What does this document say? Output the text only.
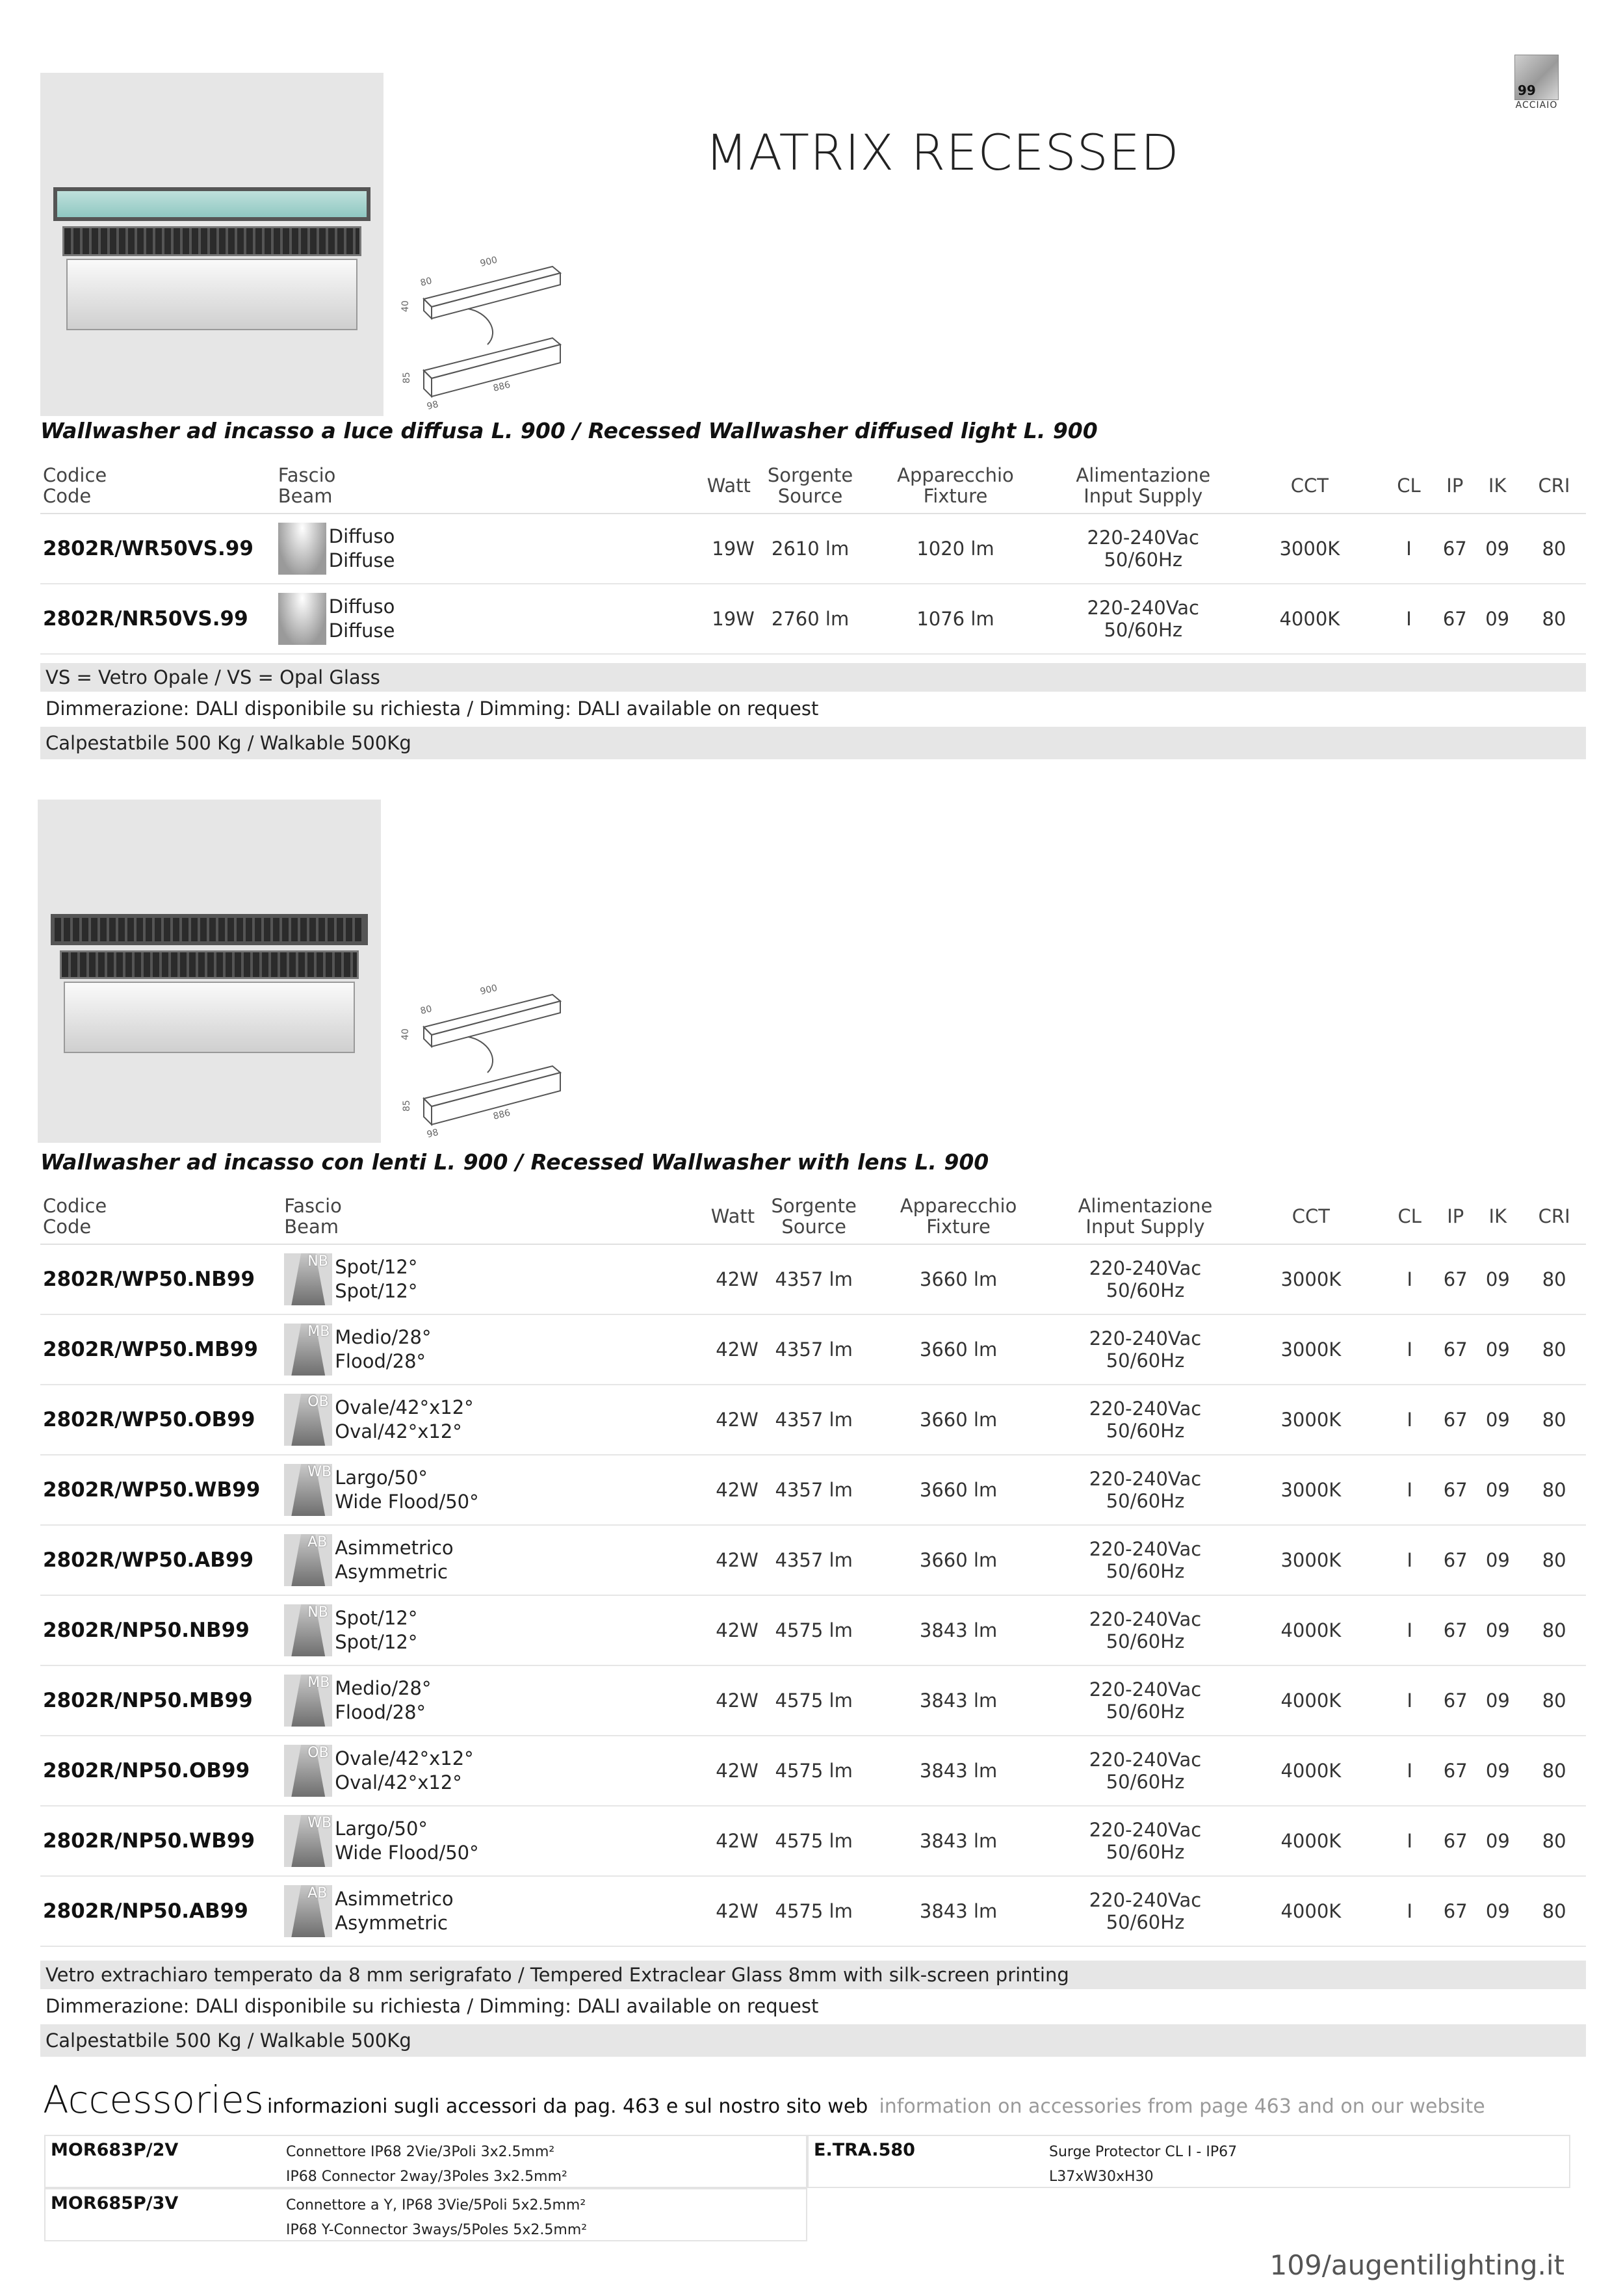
99
ACCIAIO
MATRIX RECESSED
900
80
40
98
886
85
Wallwasher ad incasso a luce diffusa L. 900 / Recessed Wallwasher diffused light L. 900
Codice
Code	Fascio
Beam	Watt	Sorgente
Source	Apparecchio
Fixture	Alimentazione
Input Supply	CCT	CL	IP	IK	CRI
2802R/WR50VS.99	Diffuso
Diffuse	19W	2610 lm	1020 lm	220-240Vac 50/60Hz	3000K	I	67	09	80
2802R/NR50VS.99	Diffuso
Diffuse	19W	2760 lm	1076 lm	220-240Vac 50/60Hz	4000K	I	67	09	80
VS = Vetro Opale / VS = Opal Glass
Dimmerazione: DALI disponibile su richiesta / Dimming: DALI available on request
Calpestatbile 500 Kg / Walkable 500Kg
900
80
40
98
886
85
Wallwasher ad incasso con lenti L. 900 / Recessed Wallwasher with lens L. 900
Codice
Code	Fascio
Beam	Watt	Sorgente
Source	Apparecchio
Fixture	Alimentazione
Input Supply	CCT	CL	IP	IK	CRI
2802R/WP50.NB99	NB Spot/12°
Spot/12°	42W	4357 lm	3660 lm	220-240Vac 50/60Hz	3000K	I	67	09	80
2802R/WP50.MB99	MB Medio/28°
Flood/28°	42W	4357 lm	3660 lm	220-240Vac 50/60Hz	3000K	I	67	09	80
2802R/WP50.OB99	OB Ovale/42°x12°
Oval/42°x12°	42W	4357 lm	3660 lm	220-240Vac 50/60Hz	3000K	I	67	09	80
2802R/WP50.WB99	WB Largo/50°
Wide Flood/50°	42W	4357 lm	3660 lm	220-240Vac 50/60Hz	3000K	I	67	09	80
2802R/WP50.AB99	AB Asimmetrico
Asymmetric	42W	4357 lm	3660 lm	220-240Vac 50/60Hz	3000K	I	67	09	80
2802R/NP50.NB99	NB Spot/12°
Spot/12°	42W	4575 lm	3843 lm	220-240Vac 50/60Hz	4000K	I	67	09	80
2802R/NP50.MB99	MB Medio/28°
Flood/28°	42W	4575 lm	3843 lm	220-240Vac 50/60Hz	4000K	I	67	09	80
2802R/NP50.OB99	OB Ovale/42°x12°
Oval/42°x12°	42W	4575 lm	3843 lm	220-240Vac 50/60Hz	4000K	I	67	09	80
2802R/NP50.WB99	WB Largo/50°
Wide Flood/50°	42W	4575 lm	3843 lm	220-240Vac 50/60Hz	4000K	I	67	09	80
2802R/NP50.AB99	AB Asimmetrico
Asymmetric	42W	4575 lm	3843 lm	220-240Vac 50/60Hz	4000K	I	67	09	80
Vetro extrachiaro temperato da 8 mm serigrafato / Tempered Extraclear Glass 8mm with silk-screen printing
Dimmerazione: DALI disponibile su richiesta / Dimming: DALI available on request
Calpestatbile 500 Kg / Walkable 500Kg
Accessories informazioni sugli accessori da pag. 463 e sul nostro sito web information on accessories from page 463 and on our website
MOR683P/2V	Connettore IP68 2Vie/3Poli 3x2.5mm²
IP68 Connector 2way/3Poles 3x2.5mm²
E.TRA.580	Surge Protector CL I - IP67
L37xW30xH30
MOR685P/3V	Connettore a Y, IP68 3Vie/5Poli 5x2.5mm²
IP68 Y-Connector 3ways/5Poles 5x2.5mm²
109/augentilighting.it
